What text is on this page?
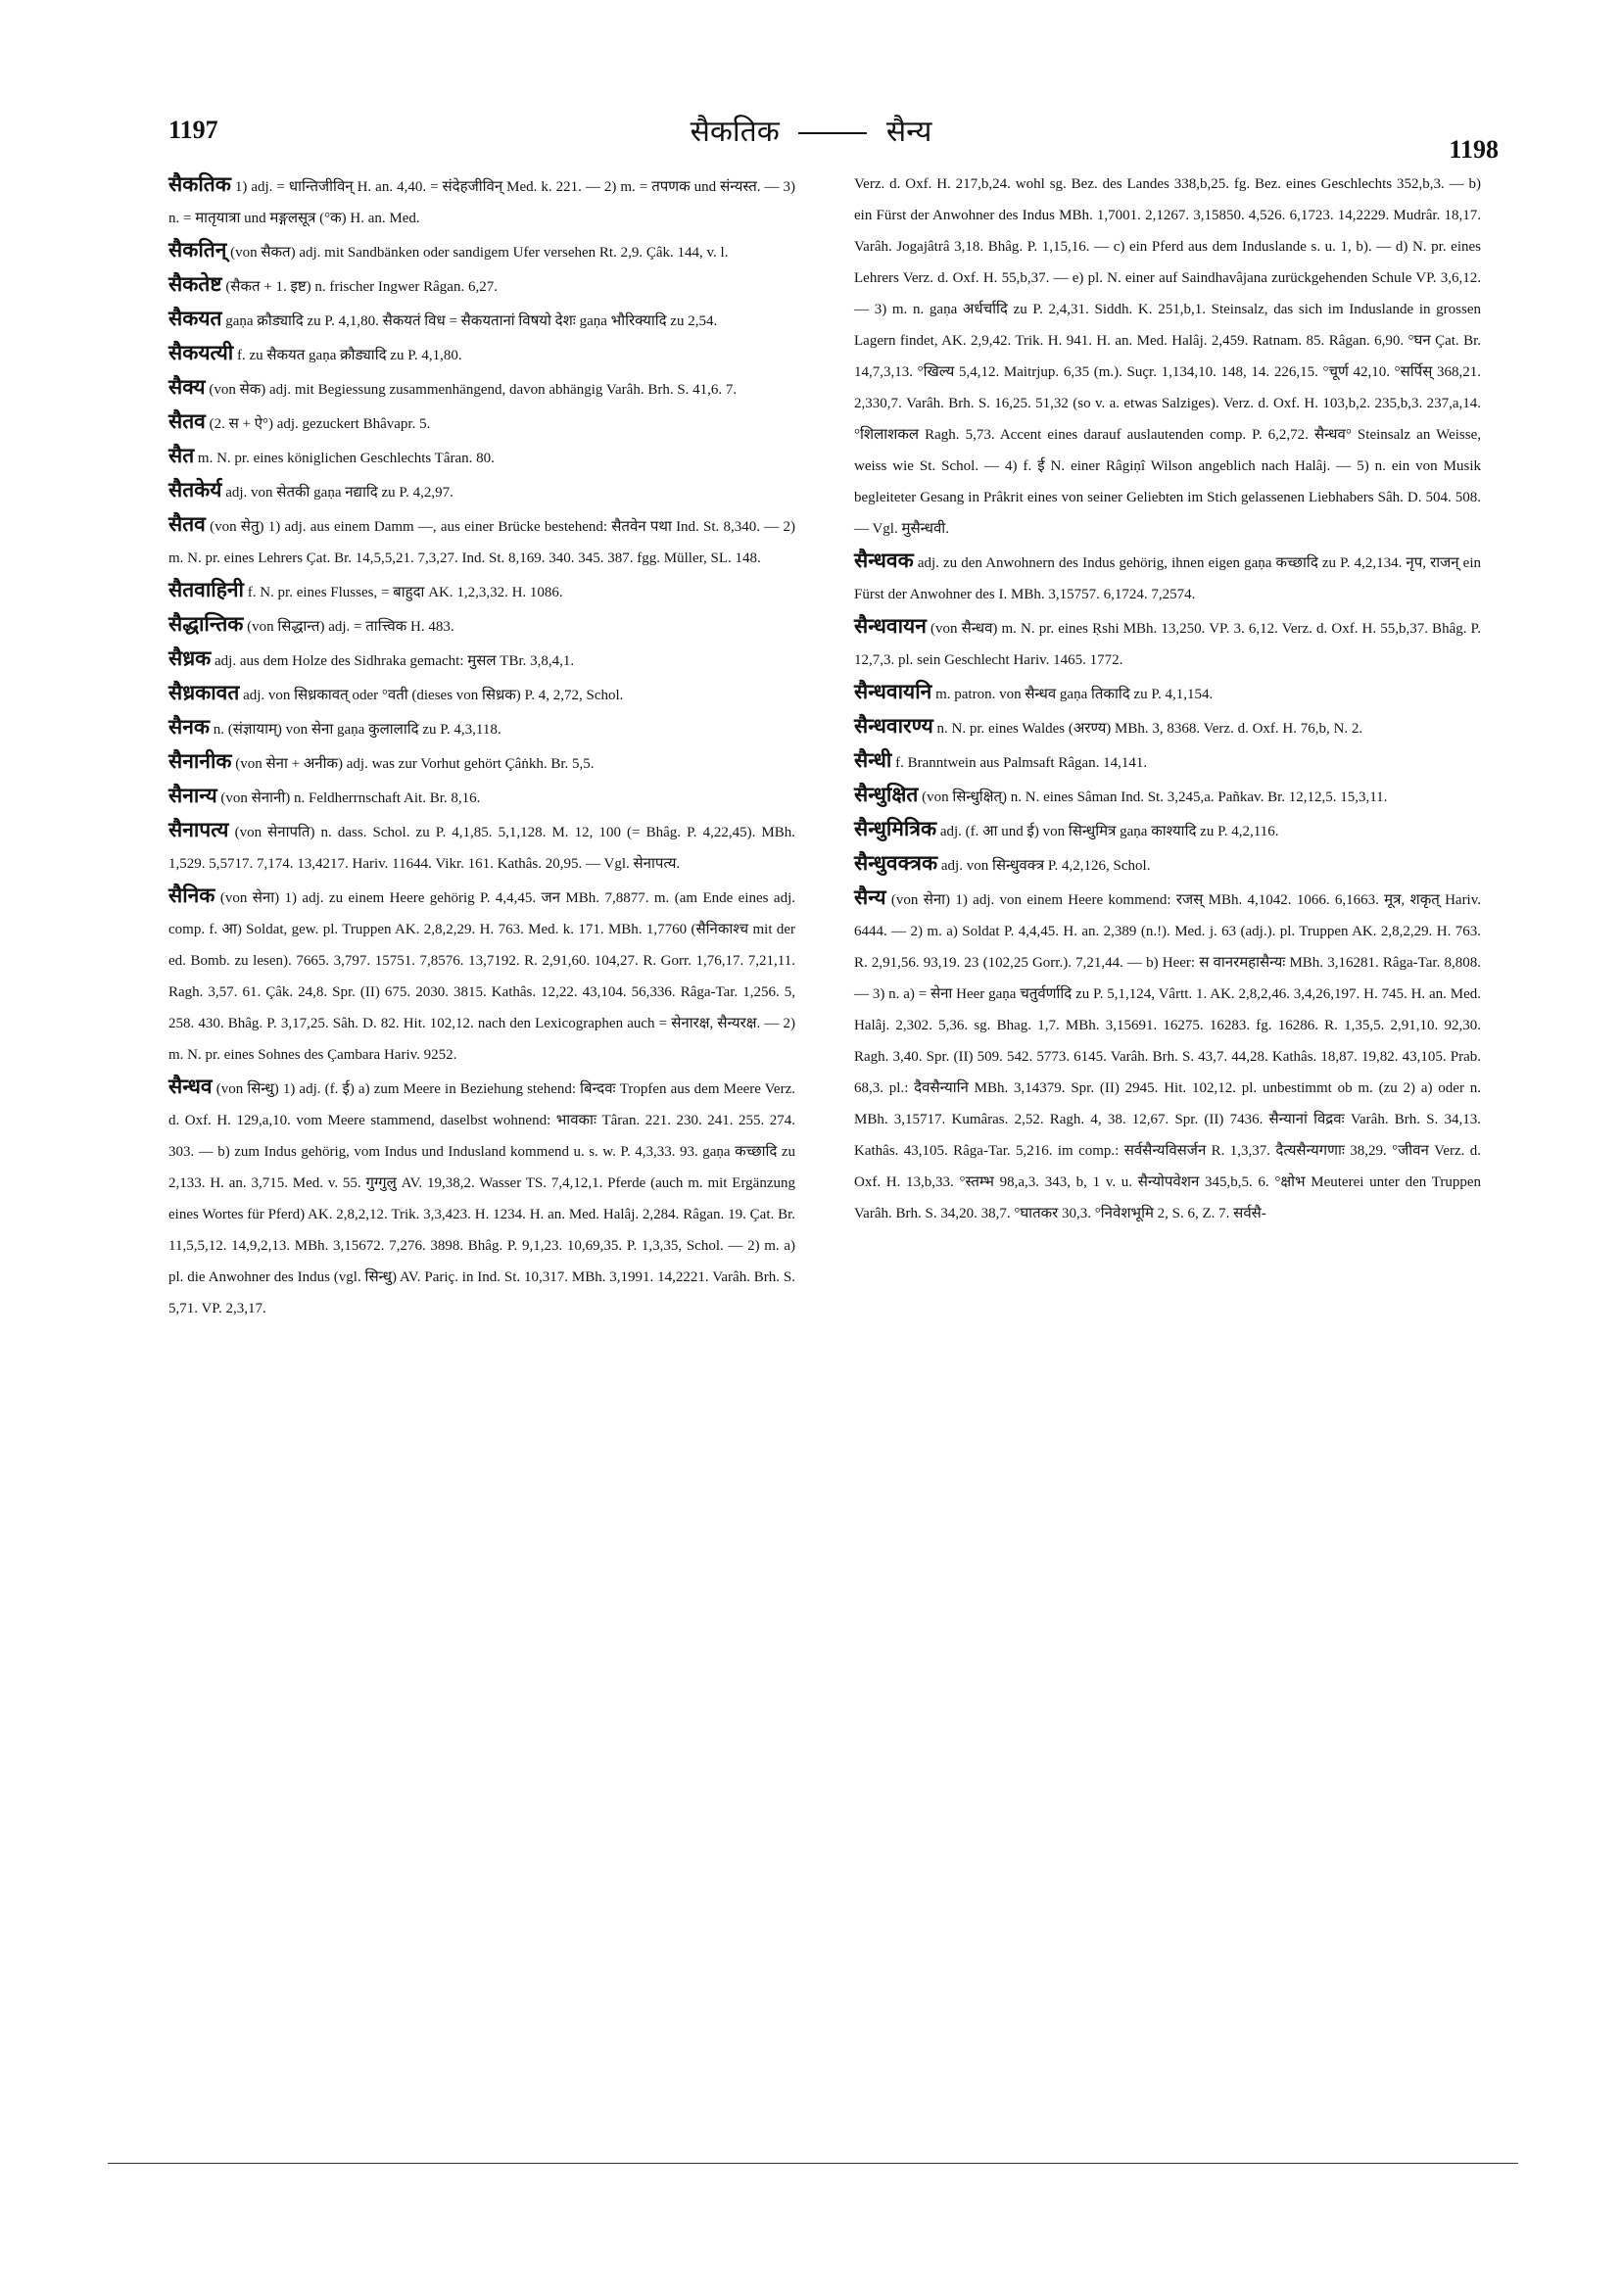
1197	सैकतिक	सैन्य
1198

सैकतिक 1) adj. = धान्तिजीविन् H. an. 4,40. = संदेहजीविन् Med. k. 221. — 2) m. = तपणक und संन्यस्त. — 3) n. = मातृयात्रा und मङ्गलसूत्र (°क) H. an. Med.

सैकतिन् (von सैकत) adj. mit Sandbänken oder sandigem Ufer versehen Rt. 2,9. Çâk. 144, v. l.

सैकतेष्ट (सैकत + 1. इष्ट) n. frischer Ingwer Râgan. 6,27.

सैकयत gaṇa क्रौड्यादि zu P. 4,1,80. सैकयतं विध = सैकयतानां विषयो देशः gaṇa भौरिक्यादि zu 2,54.

सैकयत्यी f. zu सैकयत gaṇa क्रौड्यादि zu P. 4,1,80.

सैक्य (von सेक) adj. mit Begiessung zusammenhängend, davon abhängig Varâh. Brh. S. 41,6. 7.

सैतव (2. स + ऐ°) adj. gezuckert Bhâvapr. 5.

सैत m. N. pr. eines königlichen Geschlechts Târan. 80.

सैतकेर्य adj. von सेतकी gaṇa नद्यादि zu P. 4,2,97.

सैतव (von सेतु) 1) adj. aus einem Damm —, aus einer Brücke bestehend: सैतवेन पथा Ind. St. 8,340. — 2) m. N. pr. eines Lehrers Çat. Br. 14,5,5,21. 7,3,27. Ind. St. 8,169. 340. 345. 387. fgg. Müller, SL. 148.

सैतवाहिनी f. N. pr. eines Flusses, = बाहुदा AK. 1,2,3,32. H. 1086.

सैद्धान्तिक (von सिद्धान्त) adj. = तात्त्विक H. 483.

सैध्रक adj. aus dem Holze des Sidhraka gemacht: मुसल TBr. 3,8,4,1.

सैध्रकावत adj. von सिध्रकावत् oder °वती (dieses von सिध्रक) P. 4, 2,72, Schol.

सैनक n. (संज्ञायाम्) von सेना gaṇa कुलालादि zu P. 4,3,118.

सैनानीक (von सेना + अनीक) adj. was zur Vorhut gehört Çâṅkh. Br. 5,5.

सैनान्य (von सेनानी) n. Feldherrnschaft Ait. Br. 8,16.

सैनापत्य (von सेनापति) n. dass. Schol. zu P. 4,1,85. 5,1,128. M. 12, 100 (= Bhâg. P. 4,22,45). MBh. 1,529. 5,5717. 7,174. 13,4217. Hariv. 11644. Vikr. 161. Kathâs. 20,95. — Vgl. सेनापत्य.

सैनिक (von सेना) 1) adj. zu einem Heere gehörig P. 4,4,45. जन MBh. 7,8877. m. (am Ende eines adj. comp. f. आ) Soldat, gew. pl. Truppen AK. 2,8,2,29. H. 763. Med. k. 171. MBh. 1,7760 (सैनिकाश्च mit der ed. Bomb. zu lesen). 7665. 3,797. 15751. 7,8576. 13,7192. R. 2,91,60. 104,27. R. Gorr. 1,76,17. 7,21,11. Ragh. 3,57. 61. Çâk. 24,8. Spr. (II) 675. 2030. 3815. Kathâs. 12,22. 43,104. 56,336. Râga-Tar. 1,256. 5, 258. 430. Bhâg. P. 3,17,25. Sâh. D. 82. Hit. 102,12. nach den Lexicographen auch = सेनारक्ष, सैन्यरक्ष. — 2) m. N. pr. eines Sohnes des Çambara Hariv. 9252.

सैन्धव (von सिन्धु) 1) adj. (f. ई) a) zum Meere in Beziehung stehend: बिन्दवः Tropfen aus dem Meere Verz. d. Oxf. H. 129,a,10. vom Meere stammend, daselbst wohnend: भावकाः Târan. 221. 230. 241. 255. 274. 303. — b) zum Indus gehörig, vom Indus und Indusland kommend u. s. w. P. 4,3,33. 93. gaṇa कच्छादि zu 2,133. H. an. 3,715. Med. v. 55. गुग्गुलु AV. 19,38,2. Wasser TS. 7,4,12,1. Pferde (auch m. mit Ergänzung eines Wortes für Pferd) AK. 2,8,2,12. Trik. 3,3,423. H. 1234. H. an. Med. Halâj. 2,284. Râgan. 19. Çat. Br. 11,5,5,12. 14,9,2,13. MBh. 3,15672. 7,276. 3898. Bhâg. P. 9,1,23. 10,69,35. P. 1,3,35, Schol. — 2) m. a) pl. die Anwohner des Indus (vgl. सिन्धु) AV. Pariç. in Ind. St. 10,317. MBh. 3,1991. 14,2221. Varâh. Brh. S. 5,71. VP. 2,3,17.

Verz. d. Oxf. H. 217,b,24. wohl sg. Bez. des Landes 338,b,25. fg. Bez. eines Geschlechts 352,b,3. — b) ein Fürst der Anwohner des Indus MBh. 1,7001. 2,1267. 3,15850. 4,526. 6,1723. 14,2229. Mudrâr. 18,17. Varâh. Jogajâtrâ 3,18. Bhâg. P. 1,15,16. — c) ein Pferd aus dem Induslande s. u. 1, b). — d) N. pr. eines Lehrers Verz. d. Oxf. H. 55,b,37. — e) pl. N. einer auf Saindhavâjana zurückgehenden Schule VP. 3,6,12. — 3) m. n. gaṇa अर्धर्चादि zu P. 2,4,31. Siddh. K. 251,b,1. Steinsalz, das sich im Induslande in grossen Lagern findet, AK. 2,9,42. Trik. H. 941. H. an. Med. Halâj. 2,459. Ratnam. 85. Râgan. 6,90. °घन Çat. Br. 14,7,3,13. °खिल्य 5,4,12. Maitrjup. 6,35 (m.). Suçr. 1,134,10. 148, 14. 226,15. °चूर्ण 42,10. °सर्पिस् 368,21. 2,330,7. Varâh. Brh. S. 16,25. 51,32 (so v. a. etwas Salziges). Verz. d. Oxf. H. 103,b,2. 235,b,3. 237,a,14. °शिलाशकल Ragh. 5,73. Accent eines darauf auslautenden comp. P. 6,2,72. सैन्धव° Steinsalz an Weisse, weiss wie St. Schol. — 4) f. ई N. einer Râgiṇî Wilson angeblich nach Halâj. — 5) n. ein von Musik begleiteter Gesang in Prâkrit eines von seiner Geliebten im Stich gelassenen Liebhabers Sâh. D. 504. 508. — Vgl. मुसैन्धवी.

सैन्धवक adj. zu den Anwohnern des Indus gehörig, ihnen eigen gaṇa कच्छादि zu P. 4,2,134. नृप, राजन् ein Fürst der Anwohner des I. MBh. 3,15757. 6,1724. 7,2574.

सैन्धवायन (von सैन्धव) m. N. pr. eines Ṛshi MBh. 13,250. VP. 3. 6,12. Verz. d. Oxf. H. 55,b,37. Bhâg. P. 12,7,3. pl. sein Geschlecht Hariv. 1465. 1772.

सैन्धवायनि m. patron. von सैन्धव gaṇa तिकादि zu P. 4,1,154.

सैन्धवारण्य n. N. pr. eines Waldes (अरण्य) MBh. 3, 8368. Verz. d. Oxf. H. 76,b, N. 2.

सैन्धी f. Branntwein aus Palmsaft Râgan. 14,141.

सैन्धुक्षित (von सिन्धुक्षित्) n. N. eines Sâman Ind. St. 3,245,a. Pañkav. Br. 12,12,5. 15,3,11.

सैन्धुमित्रिक adj. (f. आ und ई) von सिन्धुमित्र gaṇa काश्यादि zu P. 4,2,116.

सैन्धुवक्त्रक adj. von सिन्धुवक्त्र P. 4,2,126, Schol.

सैन्य (von सेना) 1) adj. von einem Heere kommend: रजस् MBh. 4,1042. 1066. 6,1663. मूत्र, शकृत् Hariv. 6444. — 2) m. a) Soldat P. 4,4,45. H. an. 2,389 (n.!). Med. j. 63 (adj.). pl. Truppen AK. 2,8,2,29. H. 763. R. 2,91,56. 93,19. 23 (102,25 Gorr.). 7,21,44. — b) Heer: स वानरमहासैन्यः MBh. 3,16281. Râga-Tar. 8,808. — 3) n. a) = सेना Heer gaṇa चतुर्वर्णादि zu P. 5,1,124, Vârtt. 1. AK. 2,8,2,46. 3,4,26,197. H. 745. H. an. Med. Halâj. 2,302. 5,36. sg. Bhag. 1,7. MBh. 3,15691. 16275. 16283. fg. 16286. R. 1,35,5. 2,91,10. 92,30. Ragh. 3,40. Spr. (II) 509. 542. 5773. 6145. Varâh. Brh. S. 43,7. 44,28. Kathâs. 18,87. 19,82. 43,105. Prab. 68,3. pl.: दैवसैन्यानि MBh. 3,14379. Spr. (II) 2945. Hit. 102,12. pl. unbestimmt ob m. (zu 2) a) oder n. MBh. 3,15717. Kumâras. 2,52. Ragh. 4, 38. 12,67. Spr. (II) 7436. सैन्यानां विद्रवः Varâh. Brh. S. 34,13. Kathâs. 43,105. Râga-Tar. 5,216. im comp.: सर्वसैन्यविसर्जन R. 1,3,37. दैत्यसैन्यगणाः 38,29. °जीवन Verz. d. Oxf. H. 13,b,33. °स्तम्भ 98,a,3. 343, b, 1 v. u. सैन्योपवेशन 345,b,5. 6. °क्षोभ Meuterei unter den Truppen Varâh. Brh. S. 34,20. 38,7. °घातकर 30,3. °निवेशभूमि 2, S. 6, Z. 7. सर्वसै-
